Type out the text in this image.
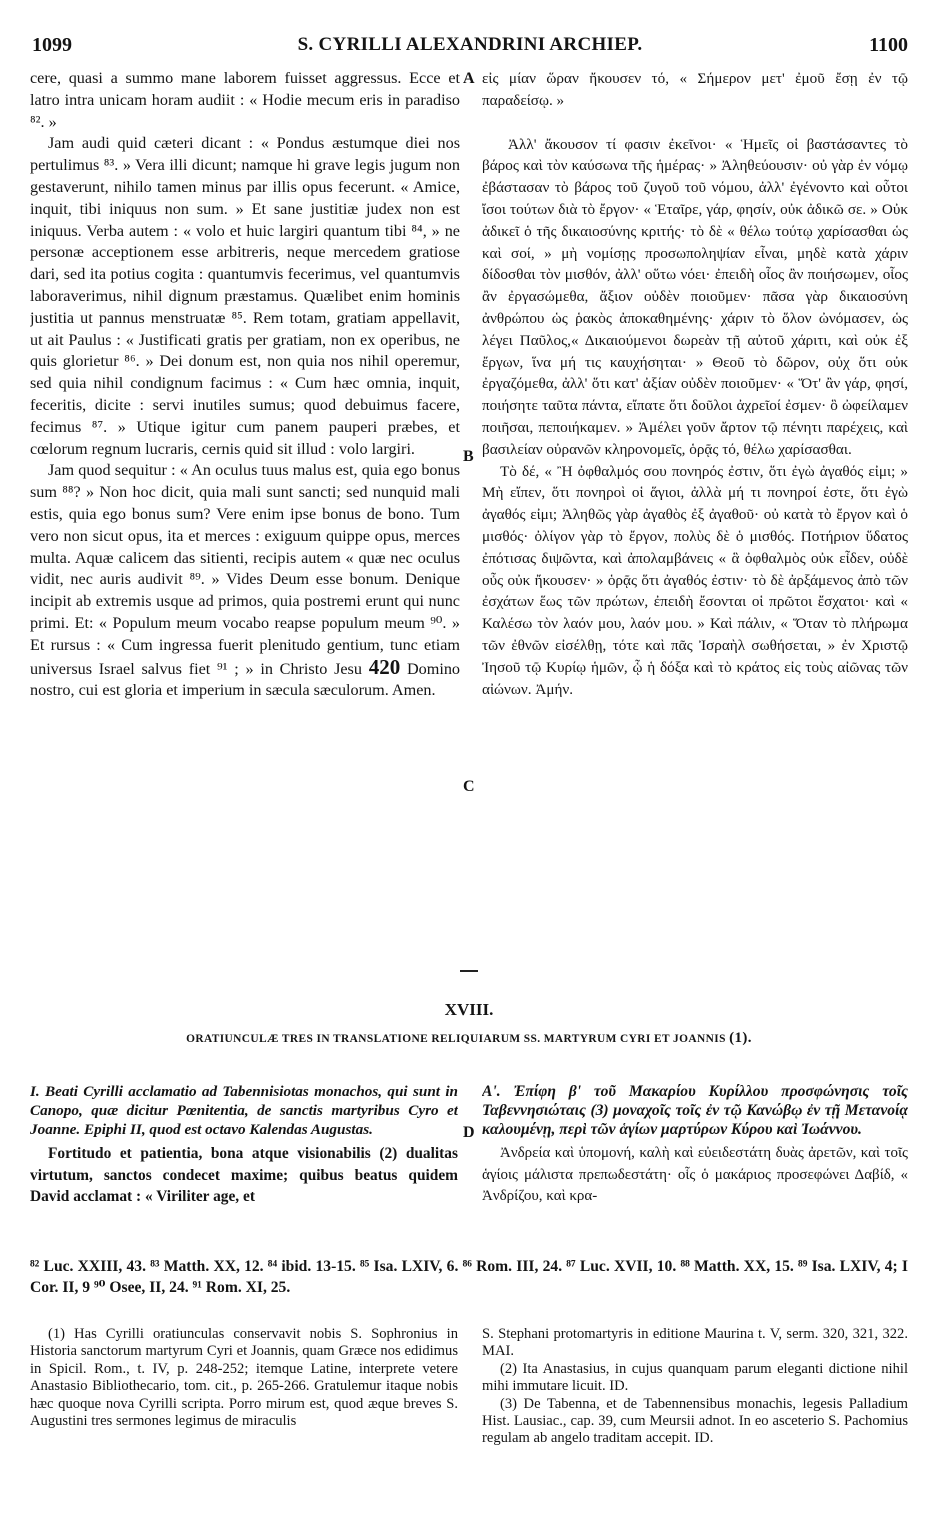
1099	S. CYRILLI ALEXANDRINI ARCHIEP.	1100

cere, quasi a summo mane laborem fuisset aggressus. Ecce et latro intra unicam horam audiit : « Hodie mecum eris in paradiso ⁸². »

Jam audi quid cæteri dicant : « Pondus æstumque diei nos pertulimus ⁸³. » Vera illi dicunt; namque hi grave legis jugum non gestaverunt, nihilo tamen minus par illis opus fecerunt. « Amice, inquit, tibi iniquus non sum. » Et sane justitiæ judex non est iniquus. Verba autem : « volo et huic largiri quantum tibi ⁸⁴, » ne personæ acceptionem esse arbitreris, neque mercedem gratiose dari, sed ita potius cogita : quantumvis fecerimus, vel quantumvis laboraverimus, nihil dignum præstamus. Quælibet enim hominis justitia ut pannus menstruatæ ⁸⁵. Rem totam, gratiam appellavit, ut ait Paulus : « Justificati gratis per gratiam, non ex operibus, ne quis glorietur ⁸⁶. » Dei donum est, non quia nos nihil operemur, sed quia nihil condignum facimus : « Cum hæc omnia, inquit, feceritis, dicite : servi inutiles sumus; quod debuimus facere, fecimus ⁸⁷. » Utique igitur cum panem pauperi præbes, et cœlorum regnum lucraris, cernis quid sit illud : volo largiri.

Jam quod sequitur : « An oculus tuus malus est, quia ego bonus sum ⁸⁸? » Non hoc dicit, quia mali sunt sancti; sed nunquid mali estis, quia ego bonus sum? Vere enim ipse bonus de bono. Tum vero non sicut opus, ita et merces : exiguum quippe opus, merces multa. Aquæ calicem das sitienti, recipis autem « quæ nec oculus vidit, nec auris audivit ⁸⁹. » Vides Deum esse bonum. Denique incipit ab extremis usque ad primos, quia postremi erunt qui nunc primi. Et: « Populum meum vocabo reapse populum meum ⁹⁰. » Et rursus : « Cum ingressa fuerit plenitudo gentium, tunc etiam universus Israel salvus fiet ⁹¹ ; » in Christo Jesu 420 Domino nostro, cui est gloria et imperium in sæcula sæculorum. Amen.

A
B
C

εἰς μίαν ὥραν ἤκουσεν τό, « Σήμερον μετ' ἐμοῦ ἔσῃ ἐν τῷ παραδείσῳ. »

Ἀλλ' ἄκουσον τί φασιν ἐκεῖνοι· « Ἡμεῖς οἱ βαστάσαντες τὸ βάρος καὶ τὸν καύσωνα τῆς ἡμέρας· » Ἀληθεύουσιν· οὐ γὰρ ἐν νόμῳ ἐβάστασαν τὸ βάρος τοῦ ζυγοῦ τοῦ νόμου, ἀλλ' ἐγένοντο καὶ οὗτοι ἴσοι τούτων διὰ τὸ ἔργον· « Ἑταῖρε, γάρ, φησίν, οὐκ ἀδικῶ σε. » Οὐκ ἀδικεῖ ὁ τῆς δικαιοσύνης κριτής· τὸ δὲ « θέλω τούτῳ χαρίσασθαι ὡς καὶ σοί, » μὴ νομίσῃς προσωποληψίαν εἶναι, μηδὲ κατὰ χάριν δίδοσθαι τὸν μισθόν, ἀλλ' οὕτω νόει· ἐπειδὴ οἷος ἂν ποιήσωμεν, οἷος ἂν ἐργασώμεθα, ἄξιον οὐδὲν ποιοῦμεν· πᾶσα γὰρ δικαιοσύνη ἀνθρώπου ὡς ῥακὸς ἀποκαθημένης· χάριν τὸ ὅλον ὠνόμασεν, ὡς λέγει Παῦλος,« Δικαιούμενοι δωρεὰν τῇ αὐτοῦ χάριτι, καὶ οὐκ ἐξ ἔργων, ἵνα μή τις καυχήσηται· » Θεοῦ τὸ δῶρον, οὐχ ὅτι οὐκ ἐργαζόμεθα, ἀλλ' ὅτι κατ' ἀξίαν οὐδὲν ποιοῦμεν· « Ὅτ' ἂν γάρ, φησί, ποιήσητε ταῦτα πάντα, εἴπατε ὅτι δοῦλοι ἀχρεῖοί ἐσμεν· ὃ ὠφείλαμεν ποιῆσαι, πεποιήκαμεν. » Ἀμέλει γοῦν ἄρτον τῷ πένητι παρέχεις, καὶ βασιλείαν οὐρανῶν κληρονομεῖς, ὁρᾷς τό, θέλω χαρίσασθαι.

Τὸ δέ, « Ἢ ὀφθαλμός σου πονηρός ἐστιν, ὅτι ἐγὼ ἀγαθός εἰμι; » Μὴ εἴπεν, ὅτι πονηροὶ οἱ ἅγιοι, ἀλλὰ μή τι πονηροί ἐστε, ὅτι ἐγὼ ἀγαθός εἰμι; Ἀληθῶς γὰρ ἀγαθὸς ἐξ ἀγαθοῦ· οὐ κατὰ τὸ ἔργον καὶ ὁ μισθός· ὀλίγον γὰρ τὸ ἔργον, πολὺς δὲ ὁ μισθός. Ποτήριον ὕδατος ἐπότισας διψῶντα, καὶ ἀπολαμβάνεις « ἃ ὀφθαλμὸς οὐκ εἶδεν, οὐδὲ οὖς οὐκ ἤκουσεν· » ὁρᾷς ὅτι ἀγαθός ἐστιν· τὸ δὲ ἀρξάμενος ἀπὸ τῶν ἐσχάτων ἕως τῶν πρώτων, ἐπειδὴ ἔσονται οἱ πρῶτοι ἔσχατοι· καὶ « Καλέσω τὸν λαόν μου, λαόν μου. » Καὶ πάλιν, « Ὅταν τὸ πλήρωμα τῶν ἐθνῶν εἰσέλθῃ, τότε καὶ πᾶς Ἰσραὴλ σωθήσεται, » ἐν Χριστῷ Ἰησοῦ τῷ Κυρίῳ ἡμῶν, ᾧ ἡ δόξα καὶ τὸ κράτος εἰς τοὺς αἰῶνας τῶν αἰώνων. Ἀμήν.

XVIII.
ORATIUNCULÆ TRES IN TRANSLATIONE RELIQUIARUM SS. MARTYRUM CYRI ET JOANNIS (1).

I. Beati Cyrilli acclamatio ad Tabennisiotas monachos, qui sunt in Canopo, quæ dicitur Pœnitentia, de sanctis martyribus Cyro et Joanne. Epiphi II, quod est octavo Kalendas Augustas.

Fortitudo et patientia, bona atque visionabilis (2) dualitas virtutum, sanctos condecet maxime; quibus beatus quidem David acclamat : « Viriliter age, et

D

Α'. Ἐπίφη β' τοῦ Μακαρίου Κυρίλλου προσφώνησις τοῖς Ταβεννησιώταις (3) μοναχοῖς τοῖς ἐν τῷ Κανώβῳ ἐν τῇ Μετανοίᾳ καλουμένῃ, περὶ τῶν ἁγίων μαρτύρων Κύρου καὶ Ἰωάννου.

Ἀνδρεία καὶ ὑπομονή, καλὴ καὶ εὐειδεστάτη δυὰς ἀρετῶν, καὶ τοῖς ἁγίοις μάλιστα πρεπωδεστάτη· οἷς ὁ μακάριος προσεφώνει Δαβίδ, « Ἀνδρίζου, καὶ κρα-

⁸² Luc. XXIII, 43. ⁸³ Matth. XX, 12. ⁸⁴ ibid. 13-15. ⁸⁵ Isa. LXIV, 6. ⁸⁶ Rom. III, 24. ⁸⁷ Luc. XVII, 10. ⁸⁸ Matth. XX, 15. ⁸⁹ Isa. LXIV, 4; I Cor. II, 9 ⁹⁰ Osee, II, 24. ⁹¹ Rom. XI, 25.

(1) Has Cyrilli oratiunculas conservavit nobis S. Sophronius in Historia sanctorum martyrum Cyri et Joannis, quam Græce nos edidimus in Spicil. Rom., t. IV, p. 248-252; itemque Latine, interprete vetere Anastasio Bibliothecario, tom. cit., p. 265-266. Gratulemur itaque nobis hæc quoque nova Cyrilli scripta. Porro mirum est, quod æque breves S. Augustini tres sermones legimus de miraculis

S. Stephani protomartyris in editione Maurina t. V, serm. 320, 321, 322. MAI.

(2) Ita Anastasius, in cujus quanquam parum eleganti dictione nihil mihi immutare licuit. ID.

(3) De Tabenna, et de Tabennensibus monachis, legesis Palladium Hist. Lausiac., cap. 39, cum Meursii adnot. In eo asceterio S. Pachomius regulam ab angelo traditam accepit. ID.
